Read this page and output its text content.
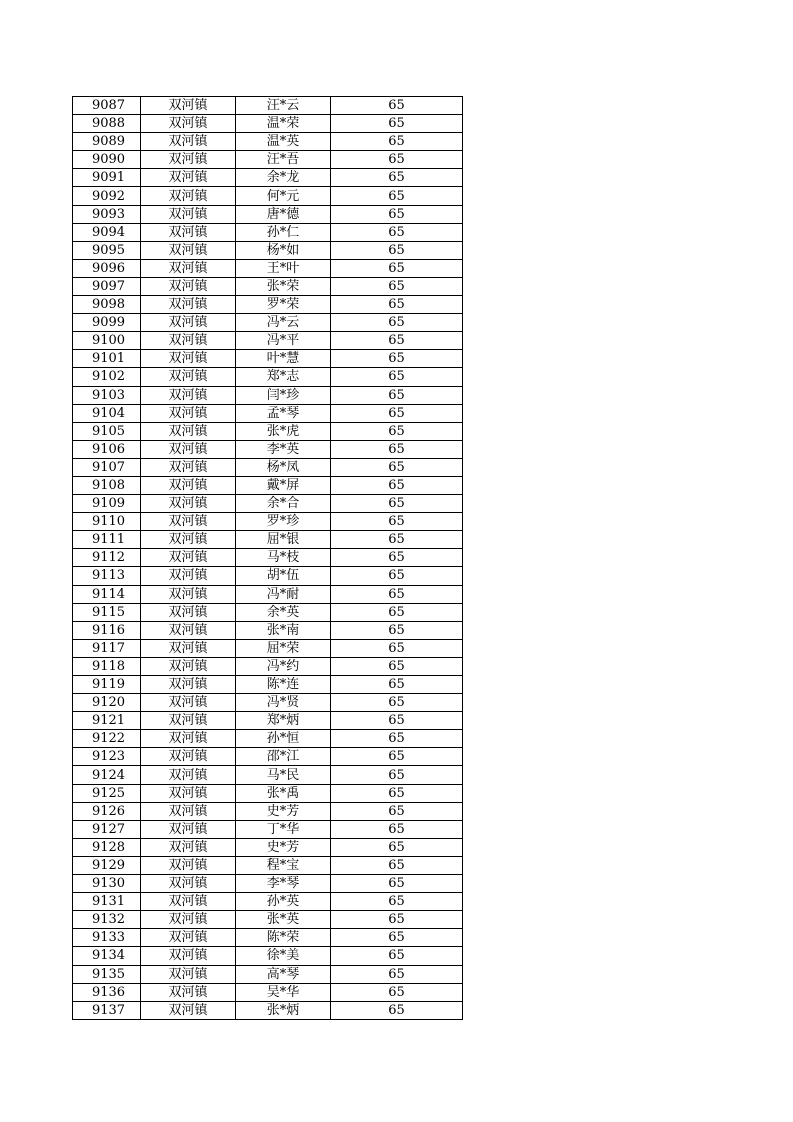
9087	双河镇	汪*云	65
9088	双河镇	温*荣	65
9089	双河镇	温*英	65
9090	双河镇	汪*吾	65
9091	双河镇	余*龙	65
9092	双河镇	何*元	65
9093	双河镇	唐*德	65
9094	双河镇	孙*仁	65
9095	双河镇	杨*如	65
9096	双河镇	王*叶	65
9097	双河镇	张*荣	65
9098	双河镇	罗*荣	65
9099	双河镇	冯*云	65
9100	双河镇	冯*平	65
9101	双河镇	叶*慧	65
9102	双河镇	郑*志	65
9103	双河镇	闫*珍	65
9104	双河镇	孟*琴	65
9105	双河镇	张*虎	65
9106	双河镇	李*英	65
9107	双河镇	杨*凤	65
9108	双河镇	戴*屏	65
9109	双河镇	余*合	65
9110	双河镇	罗*珍	65
9111	双河镇	屈*银	65
9112	双河镇	马*枝	65
9113	双河镇	胡*伍	65
9114	双河镇	冯*耐	65
9115	双河镇	余*英	65
9116	双河镇	张*南	65
9117	双河镇	屈*荣	65
9118	双河镇	冯*约	65
9119	双河镇	陈*连	65
9120	双河镇	冯*贤	65
9121	双河镇	郑*炳	65
9122	双河镇	孙*恒	65
9123	双河镇	邵*江	65
9124	双河镇	马*民	65
9125	双河镇	张*禹	65
9126	双河镇	史*芳	65
9127	双河镇	丁*华	65
9128	双河镇	史*芳	65
9129	双河镇	程*宝	65
9130	双河镇	李*琴	65
9131	双河镇	孙*英	65
9132	双河镇	张*英	65
9133	双河镇	陈*荣	65
9134	双河镇	徐*美	65
9135	双河镇	高*琴	65
9136	双河镇	吴*华	65
9137	双河镇	张*炳	65
